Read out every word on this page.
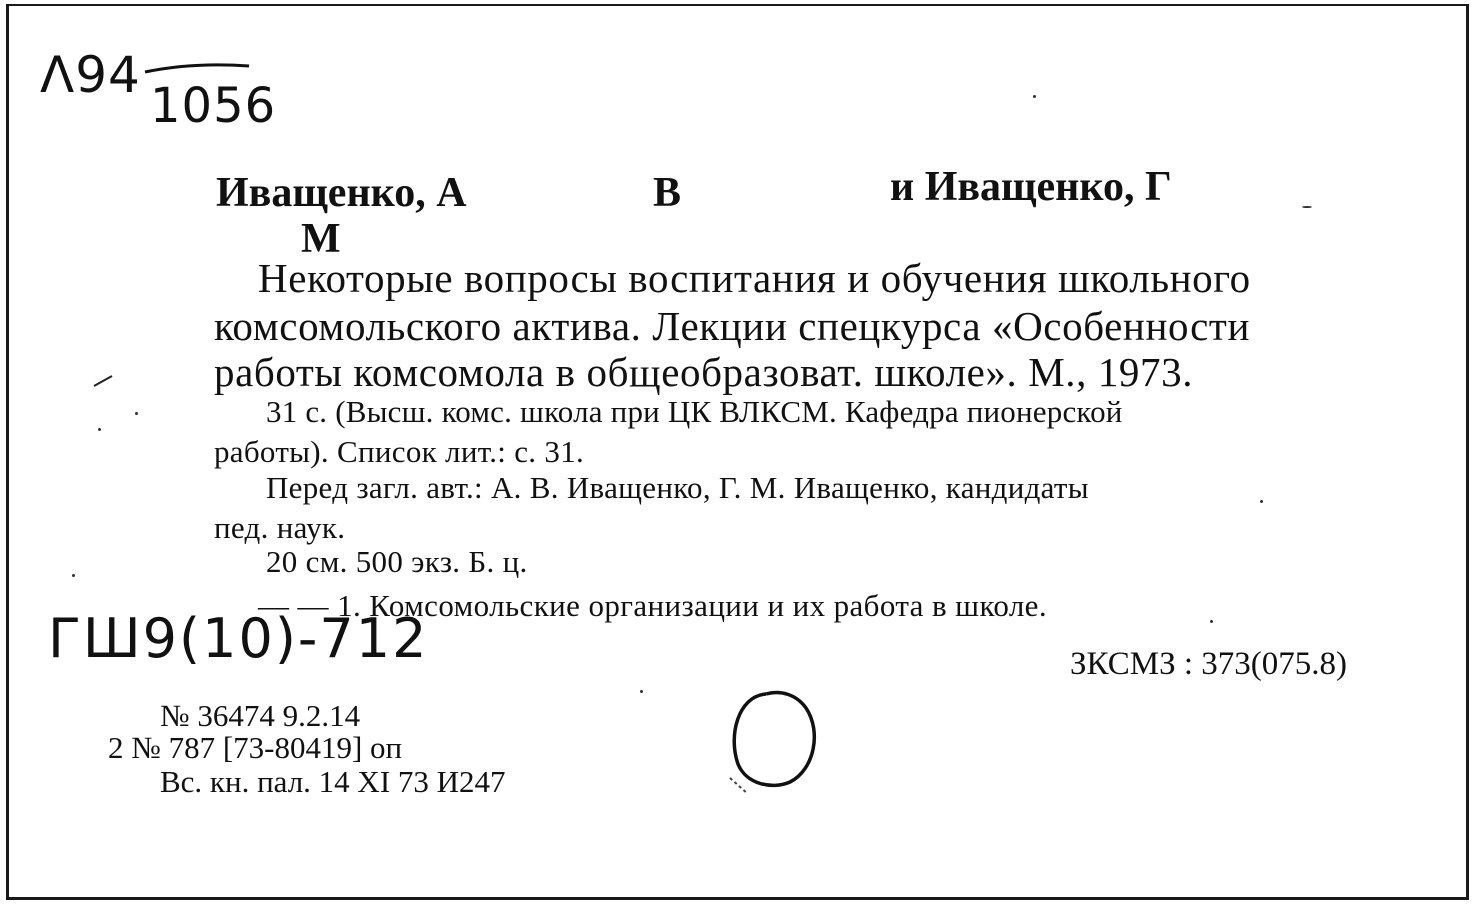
Λ94
1056
Иващенко, А	В	и Иващенко, Г
М
Некоторые вопросы воспитания и обучения школьного
комсомольского актива. Лекции спецкурса «Особенности
работы комсомола в общеобразоват. школе». М., 1973.
31 с. (Высш. комс. школа при ЦК ВЛКСМ. Кафедра пионерской
работы). Список лит.: с. 31.
Перед загл. авт.: А. В. Иващенко, Г. М. Иващенко, кандидаты
пед. наук.
20 см. 500 экз. Б. ц.
ГШ9(10)-712
— — 1. Комсомольские организации и их работа в школе.
ЗКСМЗ : 373(075.8)
№ 36474 9.2.14
2 № 787 [73-80419] оп
Вс. кн. пал. 14 XI 73 И247
